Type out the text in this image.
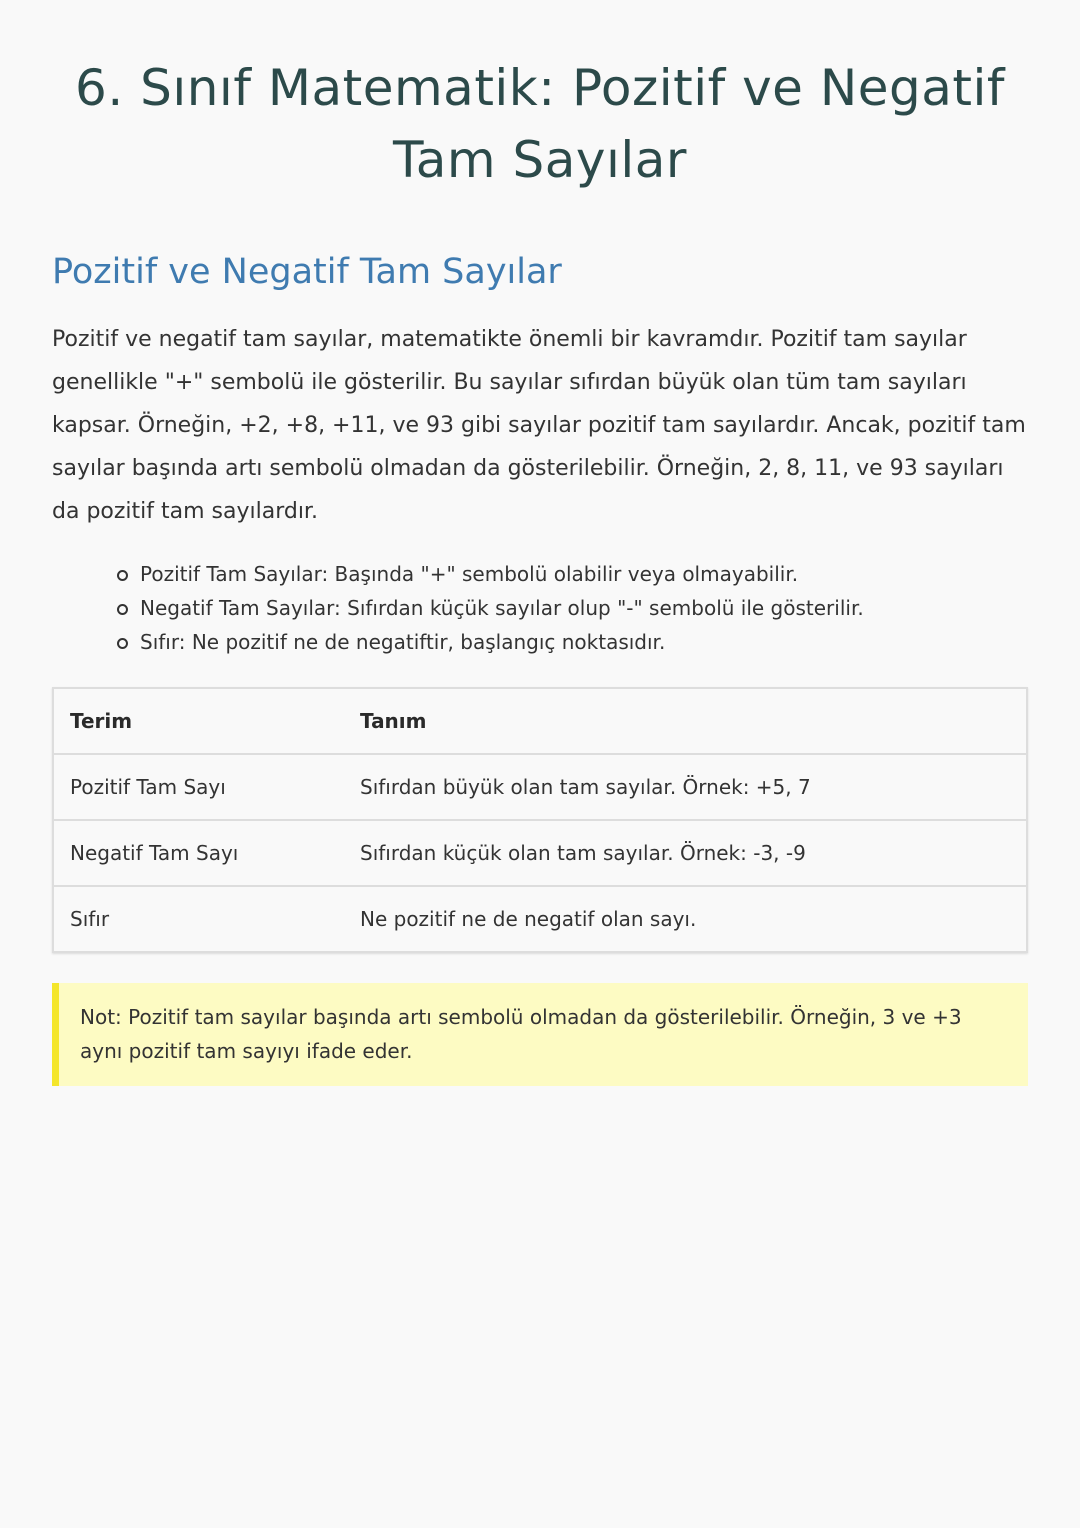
6. Sınıf Matematik: Pozitif ve Negatif Tam Sayılar
Pozitif ve Negatif Tam Sayılar

Pozitif ve negatif tam sayılar, matematikte önemli bir kavramdır. Pozitif tam sayılar genellikle "+" sembolü ile gösterilir. Bu sayılar sıfırdan büyük olan tüm tam sayıları kapsar. Örneğin, +2, +8, +11, ve 93 gibi sayılar pozitif tam sayılardır. Ancak, pozitif tam sayılar başında artı sembolü olmadan da gösterilebilir. Örneğin, 2, 8, 11, ve 93 sayıları da pozitif tam sayılardır.

Pozitif Tam Sayılar: Başında "+" sembolü olabilir veya olmayabilir.
Negatif Tam Sayılar: Sıfırdan küçük sayılar olup "-" sembolü ile gösterilir.
Sıfır: Ne pozitif ne de negatiftir, başlangıç noktasıdır.
Terim	Tanım
Pozitif Tam Sayı	Sıfırdan büyük olan tam sayılar. Örnek: +5, 7
Negatif Tam Sayı	Sıfırdan küçük olan tam sayılar. Örnek: -3, -9
Sıfır	Ne pozitif ne de negatif olan sayı.
Not: Pozitif tam sayılar başında artı sembolü olmadan da gösterilebilir. Örneğin, 3 ve +3 aynı pozitif tam sayıyı ifade eder.
